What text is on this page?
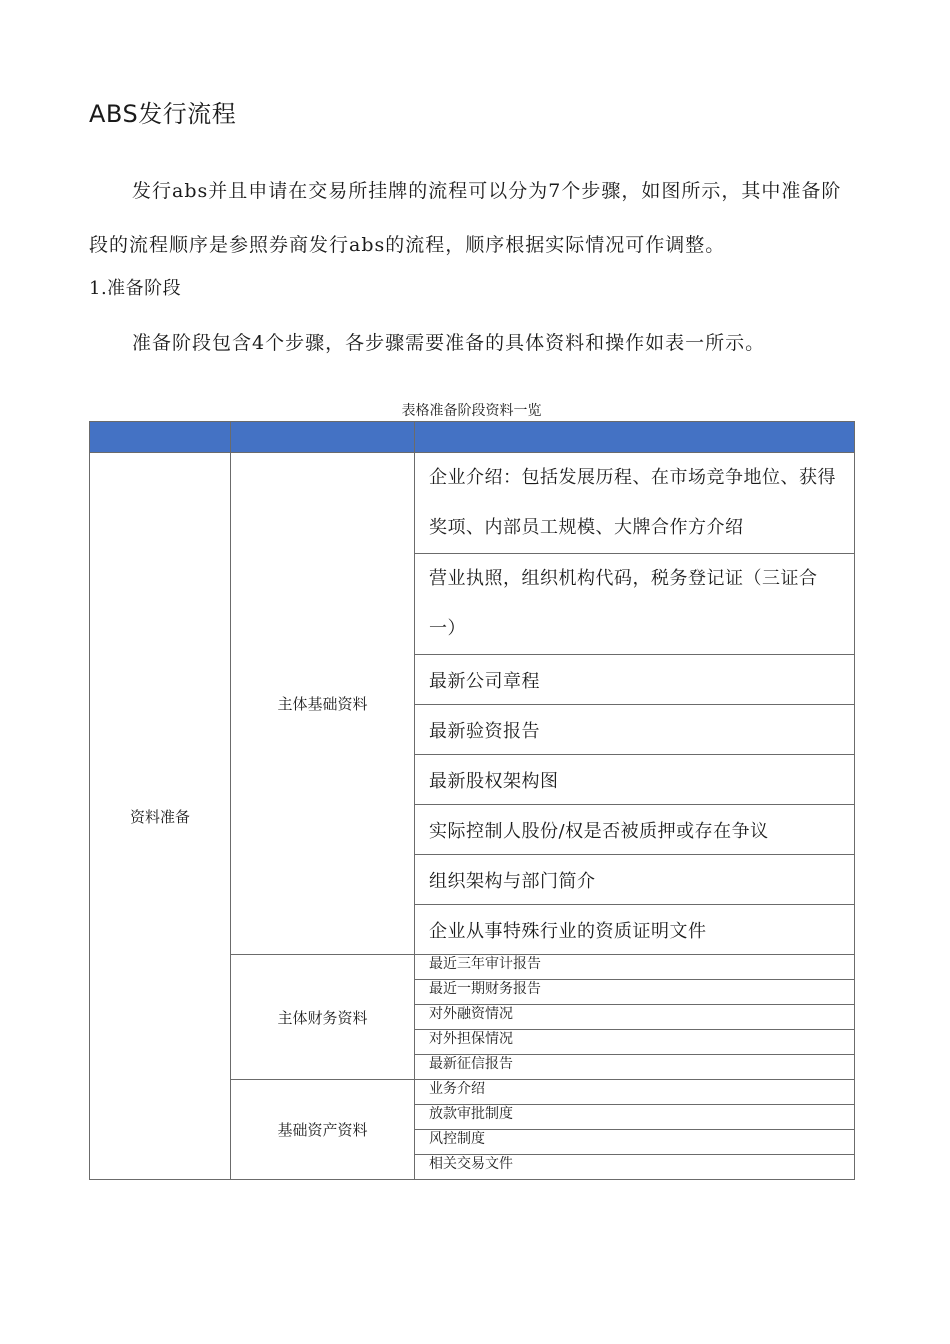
ABS发行流程

发行abs并且申请在交易所挂牌的流程可以分为7个步骤，如图所示，其中准备阶段的流程顺序是参照券商发行abs的流程，顺序根据实际情况可作调整。

1.准备阶段

准备阶段包含4个步骤，各步骤需要准备的具体资料和操作如表一所示。

表格准备阶段资料一览

资料准备	主体基础资料	企业介绍：包括发展历程、在市场竞争地位、获得奖项、内部员工规模、大牌合作方介绍
		营业执照，组织机构代码，税务登记证（三证合一）
		最新公司章程
		最新验资报告
		最新股权架构图
		实际控制人股份/权是否被质押或存在争议
		组织架构与部门简介
		企业从事特殊行业的资质证明文件
	主体财务资料	最近三年审计报告
		最近一期财务报告
		对外融资情况
		对外担保情况
		最新征信报告
	基础资产资料	业务介绍
		放款审批制度
		风控制度
		相关交易文件
